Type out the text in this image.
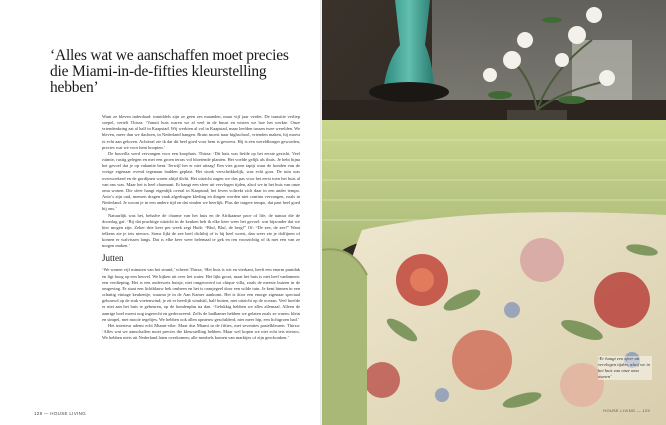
‘Alles wat we aanschaffen moet precies die Miami-in-de-fifties kleurstelling hebben’

Want ze bleven inderdaad: inmiddels zijn ze geen zes maanden, maar vijf jaar verder. De transitie verliep soepel, vertelt Thirza: ‘Vanuit huis waren we al veel in de buurt en wisten we hoe het werkte. Onze vriendenkring zat al half in Kaapstad. Wij werkten al vol in Kaapstad, maar leefden tussen twee werelden. We bleven, meer dan we dachten, in Nederland hangen. Bruin moest naar highschool, vrienden maken, hij moest er echt aan geloven. Achteraf zie ik dat dit heel goed voor hem is geweest. Hij is een wereldburger geworden, precies wat we voor hem hoopten.’

De bouvilla werd vervangen voor een koophuis. Thirza: ‘Dit huis was liefde op het eerste gezicht. Veel ruimte, rustig gelegen en met een groen terras vol bloeiende planten. Het voelde gelijk als thuis. Je hebt bijna het gevoel dat je op vakantie bent. Terwijl het er niet uitzag! Een vies groen tapijt waar de honden van de vorige eigenaar overal tegenaan hadden geplast. Het stonk verschrikkelijk, was echt goor. De tuin was overwoekerd en de gordijnen waren altijd dicht. Het uitzicht zagen we dus pas voor het eerst toen het huis al van ons was. Maar het is heel charmant. Er hangt een sfeer uit vervlogen tijden, alsof we in het huis van onze oma wonen. Die sfeer hangt eigenlijk overal in Kaapstad; het leven voltrekt zich daar in een ander tempo. Auto’s zijn oud, mensen dragen vaak afgedragen kleding en dingen worden niet continu vervangen, zoals in Nederland. Je woont je in een andere tijd en dat vinden we heerlijk. Plus die tragere tempo, dat past heel goed bij ons.’

Natuurlijk was het, behalve de charme van het huis en de Afrikaanse pace of life, de natuur die de doorslag gaf. ‘Bij dat prachtige uitzicht in de keuken heb ik elke keer weer het gevoel: wat bijzonder dat we hier mogen zijn. Zeker drie keer per week zegt Huib: “Bluf, Bluf, de berg!” Of: “De zee, de zee!” Want telkens zie je iets nieuws. Soms lijkt de zee heel dichtbij of is hij heel woest, dan weer zie je dolfijnen of komen er walvissen langs. Dat is elke keer weer helemaal te gek en ren voorzichtig of ik met een van ze mogen maken.’

Jutten

‘We wonen vijf minuten van het strand,’ scheert Thirza, ‘Het huis is wit en vierkant, heeft een enorm puntdak en ligt hoog op een heuvel. We kijken uit over het water. Het lijkt groot, maar het huis is niet heel vanbinnen: een verdieping. Het is een ouderwets huisje, niet omgetoverd tot chique villa, zoals de meeste huizen in de omgeving. Er staat een lichtblauw bek ombeen en het is oranjegeel door een wilde tuin. Je kent binnen in een schattig vintage keukentje, waarna je in de Aan Kamer aankomt. Het is door een enorge zigenaar speciaal gebouwd op de stuk voetenwind; je zit er heerlijk windstil, half buiten, met uitzicht op de oceaan. Veel hoefde er niet aan het huis te gebeuren, op de hondenplas na dan. ‘Gelukkig hebben we alles allemaal. Alleen de aanrige boel moest nog ingerecht en gedecoreerd. Zelfs de badkamer hebben we gelaten zoals ze waren: klein en simpel, met mooie tegeltjes. We hebben ook allen opnieuw geschilderd, niet meer hip, een lichtgroen bad.’

Het interieur ademt echt Miami-vibe. Maar dus Miami in de fifties, met seventies pastelkleuren. Thirza: ‘Alles wat we aanschaffen moet precies die kleurstelling hebben. Maar wel kopen we niet echt iets nieuws. We hebben niets uit Nederland laten overkomen; alle meubels komen van marktjes of zijn geschonken.’

128 — HOUSE LIVING
‘Er hangt een sfeer uit vervlogen tijden, alsof we in het huis van onze oma wonen’
HOUSE LIVING — 129
